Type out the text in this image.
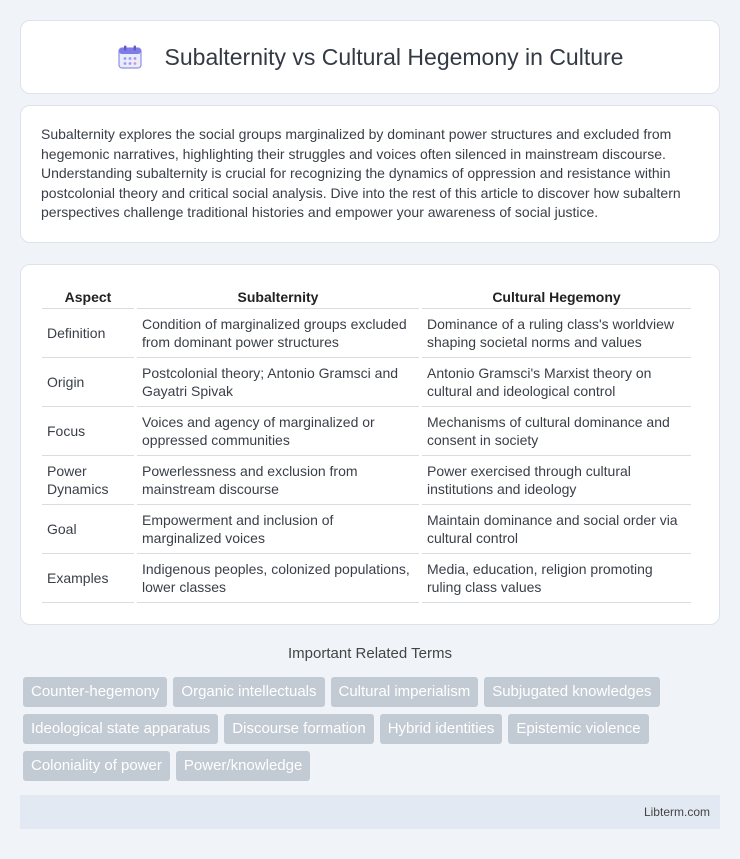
Subalternity vs Cultural Hegemony in Culture

Subalternity explores the social groups marginalized by dominant power structures and excluded from hegemonic narratives, highlighting their struggles and voices often silenced in mainstream discourse. Understanding subalternity is crucial for recognizing the dynamics of oppression and resistance within postcolonial theory and critical social analysis. Dive into the rest of this article to discover how subaltern perspectives challenge traditional histories and empower your awareness of social justice.

Aspect	Subalternity	Cultural Hegemony
Definition	Condition of marginalized groups excluded from dominant power structures	Dominance of a ruling class's worldview shaping societal norms and values
Origin	Postcolonial theory; Antonio Gramsci and Gayatri Spivak	Antonio Gramsci's Marxist theory on cultural and ideological control
Focus	Voices and agency of marginalized or oppressed communities	Mechanisms of cultural dominance and consent in society
Power Dynamics	Powerlessness and exclusion from mainstream discourse	Power exercised through cultural institutions and ideology
Goal	Empowerment and inclusion of marginalized voices	Maintain dominance and social order via cultural control
Examples	Indigenous peoples, colonized populations, lower classes	Media, education, religion promoting ruling class values
Important Related Terms
Counter-hegemony	Organic intellectuals	Cultural imperialism	Subjugated knowledges
Ideological state apparatus	Discourse formation	Hybrid identities	Epistemic violence
Coloniality of power	Power/knowledge
Libterm.com
